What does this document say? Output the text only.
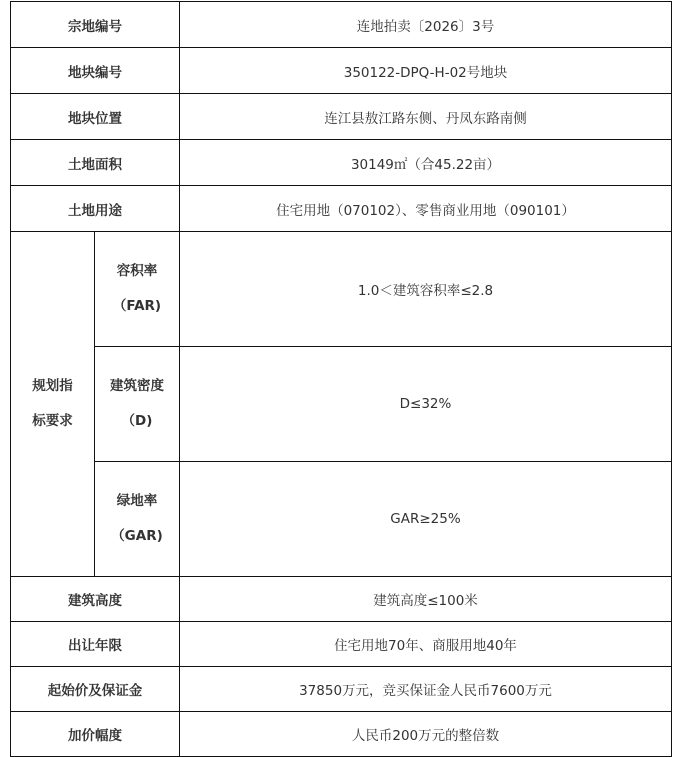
宗地编号		连地拍卖〔2026〕3号
地块编号		350122-DPQ-H-02号地块
地块位置		连江县敖江路东侧、丹凤东路南侧
土地面积		30149㎡（合45.22亩）
土地用途		住宅用地（070102）、零售商业用地（090101）
规划指标要求	容积率（FAR)	1.0＜建筑容积率≤2.8
	建筑密度（D)	D≤32%
	绿地率（GAR)	GAR≥25%
建筑高度		建筑高度≤100米
出让年限		住宅用地70年、商服用地40年
起始价及保证金		37850万元，竞买保证金人民币7600万元
加价幅度		人民币200万元的整倍数
